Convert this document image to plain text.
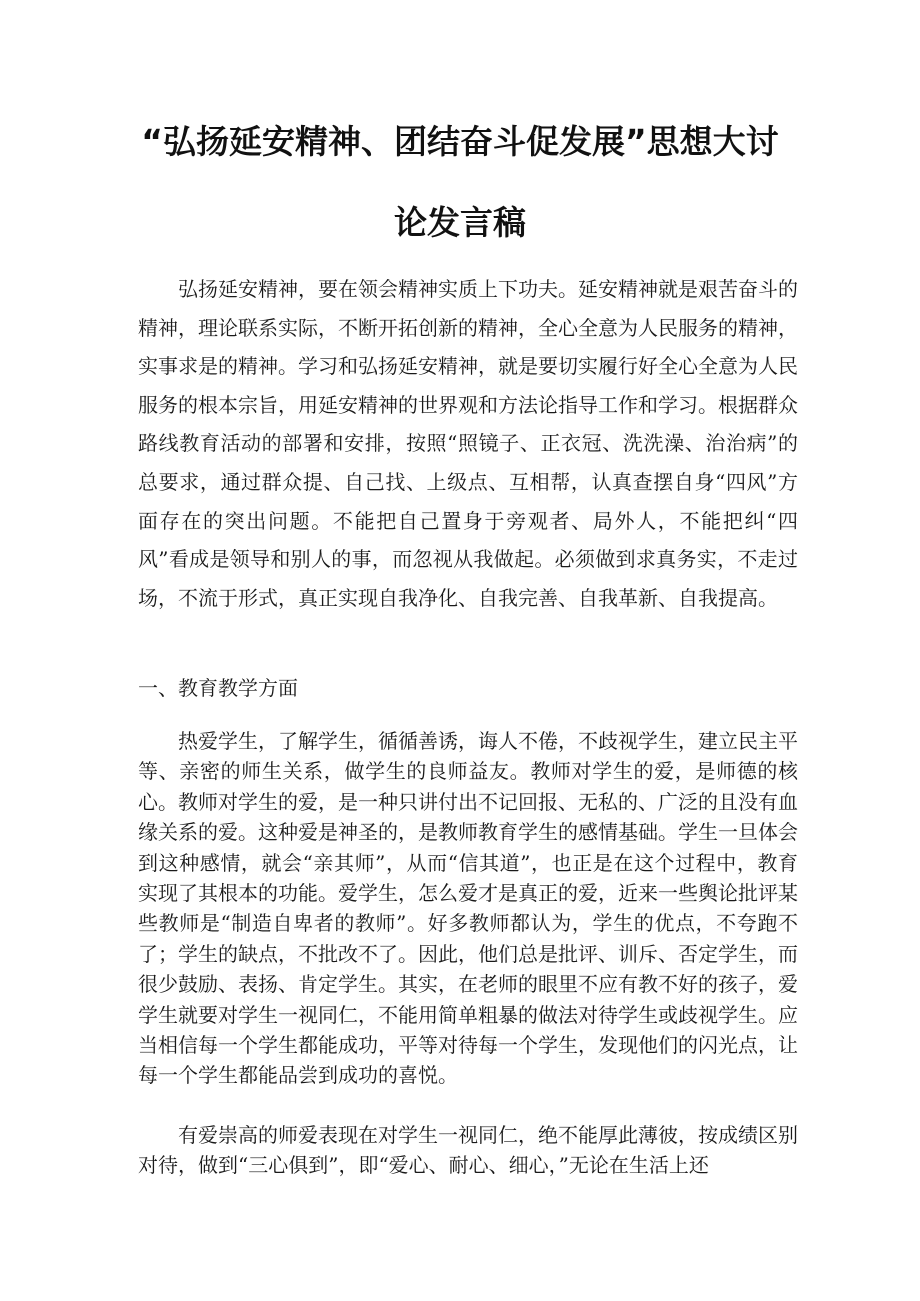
“弘扬延安精神、团结奋斗促发展”思想大讨
论发言稿

弘扬延安精神，要在领会精神实质上下功夫。延安精神就是艰苦奋斗的精神，理论联系实际，不断开拓创新的精神，全心全意为人民服务的精神，实事求是的精神。学习和弘扬延安精神，就是要切实履行好全心全意为人民服务的根本宗旨，用延安精神的世界观和方法论指导工作和学习。根据群众路线教育活动的部署和安排，按照“照镜子、正衣冠、洗洗澡、治治病”的总要求，通过群众提、自己找、上级点、互相帮，认真查摆自身“四风”方面存在的突出问题。不能把自己置身于旁观者、局外人，不能把纠“四风”看成是领导和别人的事，而忽视从我做起。必须做到求真务实，不走过场，不流于形式，真正实现自我净化、自我完善、自我革新、自我提高。

一、教育教学方面

热爱学生，了解学生，循循善诱，诲人不倦，不歧视学生，建立民主平等、亲密的师生关系，做学生的良师益友。教师对学生的爱，是师德的核心。教师对学生的爱，是一种只讲付出不记回报、无私的、广泛的且没有血缘关系的爱。这种爱是神圣的，是教师教育学生的感情基础。学生一旦体会到这种感情，就会“亲其师”，从而“信其道”，也正是在这个过程中，教育实现了其根本的功能。爱学生，怎么爱才是真正的爱，近来一些舆论批评某些教师是“制造自卑者的教师”。好多教师都认为，学生的优点，不夸跑不了；学生的缺点，不批改不了。因此，他们总是批评、训斥、否定学生，而很少鼓励、表扬、肯定学生。其实，在老师的眼里不应有教不好的孩子，爱学生就要对学生一视同仁，不能用简单粗暴的做法对待学生或歧视学生。应当相信每一个学生都能成功，平等对待每一个学生，发现他们的闪光点，让每一个学生都能品尝到成功的喜悦。

有爱崇高的师爱表现在对学生一视同仁，绝不能厚此薄彼，按成绩区别对待，做到“三心俱到”，即“爱心、耐心、细心，”无论在生活上还
